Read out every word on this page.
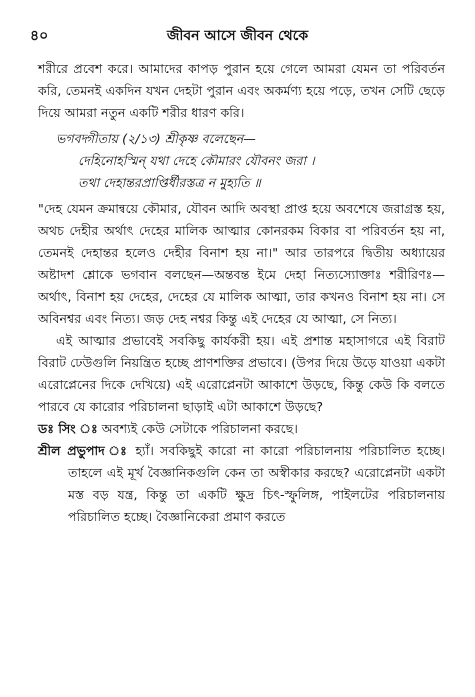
৪০	জীবন আসে জীবন থেকে

শরীরে প্রবেশ করে। আমাদের কাপড় পুরান হয়ে গেলে আমরা যেমন তা পরিবর্তন করি, তেমনই একদিন যখন দেহটা পুরান এবং অকর্মণ্য হয়ে পড়ে, তখন সেটি ছেড়ে দিয়ে আমরা নতুন একটি শরীর ধারণ করি।

ভগবদ্গীতায় (২/১৩) শ্রীকৃষ্ণ বলেছেন—

দেহিনোহস্মিন্ যথা দেহে কৌমারং যৌবনং জরা ।

তথা দেহান্তরপ্রাপ্তির্ধীরস্তত্র ন মুহ্যতি ॥

"দেহ যেমন ক্রমান্বয়ে কৌমার, যৌবন আদি অবস্থা প্রাপ্ত হয়ে অবশেষে জরাগ্রস্ত হয়, অথচ দেহীর অর্থাৎ দেহের মালিক আত্মার কোনরকম বিকার বা পরিবর্তন হয় না, তেমনই দেহান্তর হলেও দেহীর বিনাশ হয় না।" আর তারপরে দ্বিতীয় অধ্যায়ের অষ্টাদশ শ্লোকে ভগবান বলছেন—অন্তবন্ত ইমে দেহা নিত্যস্যোক্তাঃ শরীরিণঃ—অর্থাৎ, বিনাশ হয় দেহের, দেহের যে মালিক আত্মা, তার কখনও বিনাশ হয় না। সে অবিনশ্বর এবং নিত্য। জড় দেহ নশ্বর কিন্তু এই দেহের যে আত্মা, সে নিত্য।

এই আত্মার প্রভাবেই সবকিছু কার্যকরী হয়। এই প্রশান্ত মহাসাগরে এই বিরাট বিরাট ঢেউগুলি নিয়ন্ত্রিত হচ্ছে প্রাণশক্তির প্রভাবে। (উপর দিয়ে উড়ে যাওয়া একটা এরোপ্লেনের দিকে দেখিয়ে) এই এরোপ্লেনটা আকাশে উড়ছে, কিন্তু কেউ কি বলতে পারবে যে কারোর পরিচালনা ছাড়াই এটা আকাশে উড়ছে?

ডঃ সিং ঃ অবশ্যই কেউ সেটাকে পরিচালনা করছে।

শ্রীল প্রভুপাদ ঃ হ্যাঁ। সবকিছুই কারো না কারো পরিচালনায় পরিচালিত হচ্ছে। তাহলে এই মূর্খ বৈজ্ঞানিকগুলি কেন তা অস্বীকার করছে? এরোপ্লেনটা একটা মস্ত বড় যন্ত্র, কিন্তু তা একটি ক্ষুদ্র চিৎ-স্ফুলিঙ্গ, পাইলটের পরিচালনায় পরিচালিত হচ্ছে। বৈজ্ঞানিকেরা প্রমাণ করতে
